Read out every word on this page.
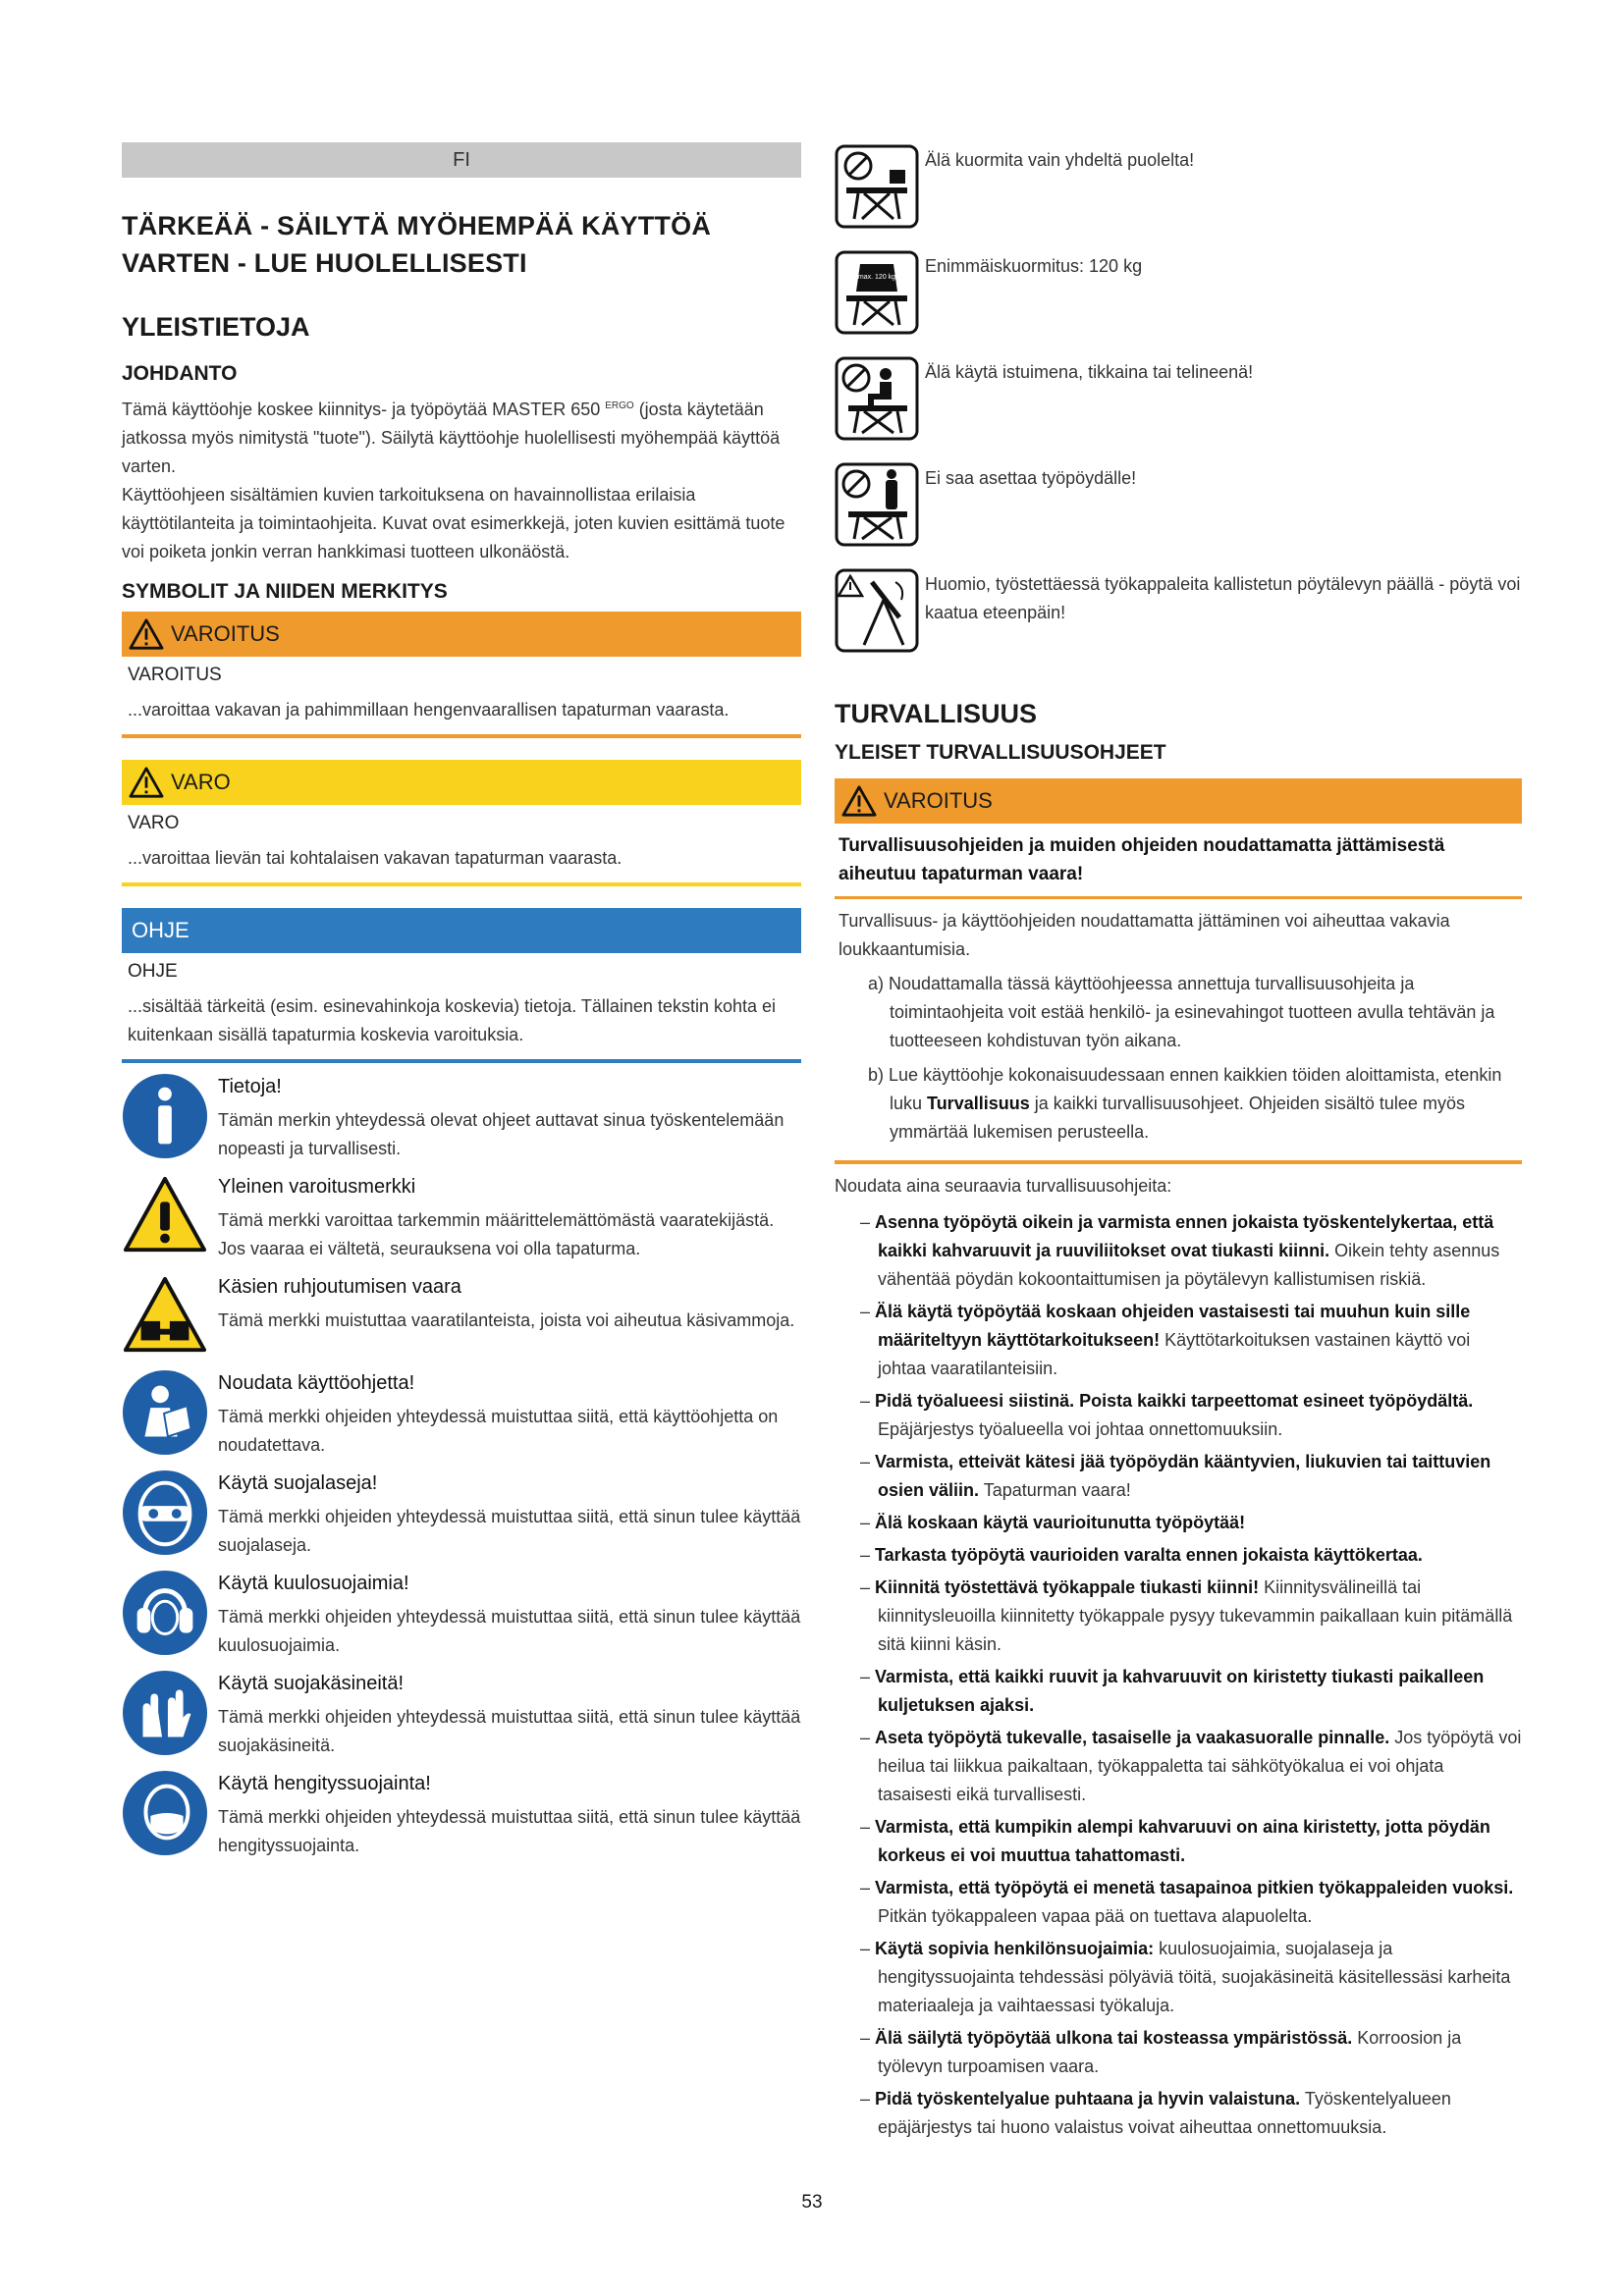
FI
TÄRKEÄÄ - SÄILYTÄ MYÖHEMPÄÄ KÄYTTÖÄ VARTEN - LUE HUOLELLISESTI
YLEISTIETOJA
JOHDANTO

Tämä käyttöohje koskee kiinnitys- ja työpöytää MASTER 650 $^{ERGO}$ (josta käytetään jatkossa myös nimitystä "tuote"). Säilytä käyttöohje huolellisesti myöhempää käyttöä varten.

Käyttöohjeen sisältämien kuvien tarkoituksena on havainnollistaa erilaisia käyttötilanteita ja toimintaohjeita. Kuvat ovat esimerkkejä, joten kuvien esittämä tuote voi poiketa jonkin verran hankkimasi tuotteen ulkonäöstä.

SYMBOLIT JA NIIDEN MERKITYS
VAROITUS
VAROITUS
...varoittaa vakavan ja pahimmillaan hengenvaarallisen tapaturman vaarasta.
VARO
VARO
...varoittaa lievän tai kohtalaisen vakavan tapaturman vaarasta.
OHJE
OHJE
...sisältää tärkeitä (esim. esinevahinkoja koskevia) tietoja. Tällainen tekstin kohta ei kuitenkaan sisällä tapaturmia koskevia varoituksia.
Tietoja!
Tämän merkin yhteydessä olevat ohjeet auttavat sinua työskentelemään nopeasti ja turvallisesti.
Yleinen varoitusmerkki
Tämä merkki varoittaa tarkemmin määrittelemättömästä vaaratekijästä. Jos vaaraa ei vältetä, seurauksena voi olla tapaturma.
Käsien ruhjoutumisen vaara
Tämä merkki muistuttaa vaaratilanteista, joista voi aiheutua käsivammoja.
Noudata käyttöohjetta!
Tämä merkki ohjeiden yhteydessä muistuttaa siitä, että käyttöohjetta on noudatettava.
Käytä suojalaseja!
Tämä merkki ohjeiden yhteydessä muistuttaa siitä, että sinun tulee käyttää suojalaseja.
Käytä kuulosuojaimia!
Tämä merkki ohjeiden yhteydessä muistuttaa siitä, että sinun tulee käyttää kuulosuojaimia.
Käytä suojakäsineitä!
Tämä merkki ohjeiden yhteydessä muistuttaa siitä, että sinun tulee käyttää suojakäsineitä.
Käytä hengityssuojainta!
Tämä merkki ohjeiden yhteydessä muistuttaa siitä, että sinun tulee käyttää hengityssuojainta.
Älä kuormita vain yhdeltä puolelta!
max. 120 kg
Enimmäiskuormitus: 120 kg
Älä käytä istuimena, tikkaina tai telineenä!
Ei saa asettaa työpöydälle!
Huomio, työstettäessä työkappaleita kallistetun pöytälevyn päällä - pöytä voi kaatua eteenpäin!
TURVALLISUUS
YLEISET TURVALLISUUSOHJEET
VAROITUS
Turvallisuusohjeiden ja muiden ohjeiden noudattamatta jättämisestä aiheutuu tapaturman vaara!

Turvallisuus- ja käyttöohjeiden noudattamatta jättäminen voi aiheuttaa vakavia loukkaantumisia.

a) Noudattamalla tässä käyttöohjeessa annettuja turvallisuusohjeita ja toimintaohjeita voit estää henkilö- ja esinevahingot tuotteen avulla tehtävän ja tuotteeseen kohdistuvan työn aikana.
b) Lue käyttöohje kokonaisuudessaan ennen kaikkien töiden aloittamista, etenkin luku Turvallisuus ja kaikki turvallisuusohjeet. Ohjeiden sisältö tulee myös ymmärtää lukemisen perusteella.

Noudata aina seuraavia turvallisuusohjeita:

– Asenna työpöytä oikein ja varmista ennen jokaista työskentelykertaa, että kaikki kahvaruuvit ja ruuviliitokset ovat tiukasti kiinni. Oikein tehty asennus vähentää pöydän kokoontaittumisen ja pöytälevyn kallistumisen riskiä.
– Älä käytä työpöytää koskaan ohjeiden vastaisesti tai muuhun kuin sille määriteltyyn käyttötarkoitukseen! Käyttötarkoituksen vastainen käyttö voi johtaa vaaratilanteisiin.
– Pidä työalueesi siistinä. Poista kaikki tarpeettomat esineet työpöydältä. Epäjärjestys työalueella voi johtaa onnettomuuksiin.
– Varmista, etteivät kätesi jää työpöydän kääntyvien, liukuvien tai taittuvien osien väliin. Tapaturman vaara!
– Älä koskaan käytä vaurioitunutta työpöytää!
– Tarkasta työpöytä vaurioiden varalta ennen jokaista käyttökertaa.
– Kiinnitä työstettävä työkappale tiukasti kiinni! Kiinnitysvälineillä tai kiinnitysleuoilla kiinnitetty työkappale pysyy tukevammin paikallaan kuin pitämällä sitä kiinni käsin.
– Varmista, että kaikki ruuvit ja kahvaruuvit on kiristetty tiukasti paikalleen kuljetuksen ajaksi.
– Aseta työpöytä tukevalle, tasaiselle ja vaakasuoralle pinnalle. Jos työpöytä voi heilua tai liikkua paikaltaan, työkappaletta tai sähkötyökalua ei voi ohjata tasaisesti eikä turvallisesti.
– Varmista, että kumpikin alempi kahvaruuvi on aina kiristetty, jotta pöydän korkeus ei voi muuttua tahattomasti.
– Varmista, että työpöytä ei menetä tasapainoa pitkien työkappaleiden vuoksi. Pitkän työkappaleen vapaa pää on tuettava alapuolelta.
– Käytä sopivia henkilönsuojaimia: kuulosuojaimia, suojalaseja ja hengityssuojainta tehdessäsi pölyäviä töitä, suojakäsineitä käsitellessäsi karheita materiaaleja ja vaihtaessasi työkaluja.
– Älä säilytä työpöytää ulkona tai kosteassa ympäristössä. Korroosion ja työlevyn turpoamisen vaara.
– Pidä työskentelyalue puhtaana ja hyvin valaistuna. Työskentelyalueen epäjärjestys tai huono valaistus voivat aiheuttaa onnettomuuksia.
53
